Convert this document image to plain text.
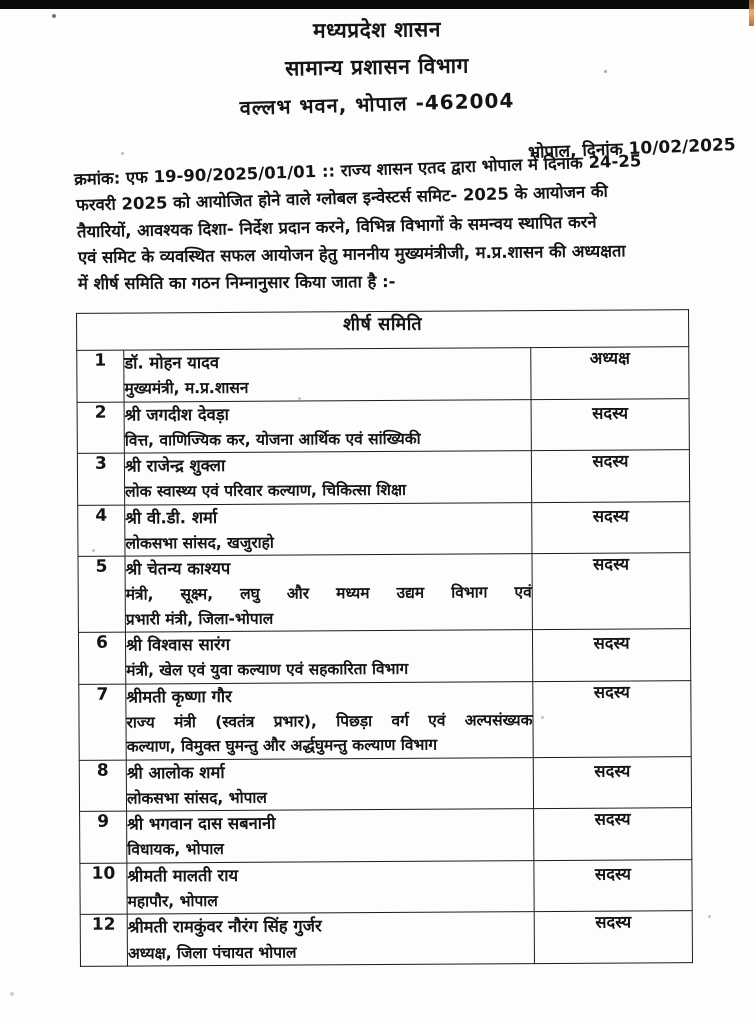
मध्यप्रदेश शासन
सामान्य प्रशासन विभाग
वल्लभ भवन, भोपाल -462004
भोपाल, दिनांक 10/02/2025
क्रमांक: एफ 19-90/2025/01/01 :: राज्य शासन एतद द्वारा भोपाल में दिनांक 24-25
फरवरी 2025 को आयोजित होने वाले ग्लोबल इन्वेस्टर्स समिट- 2025 के आयोजन की
तैयारियों, आवश्यक दिशा- निर्देश प्रदान करने, विभिन्न विभागों के समन्वय स्थापित करने
एवं समिट के व्यवस्थित सफल आयोजन हेतु माननीय मुख्यमंत्रीजी, म.प्र.शासन की अध्यक्षता
में शीर्ष समिति का गठन निम्नानुसार किया जाता है :-
शीर्ष समिति		
1	डॉ. मोहन यादव
मुख्यमंत्री, म.प्र.शासन	अध्यक्ष
2	श्री जगदीश देवड़ा
वित्त, वाणिज्यिक कर, योजना आर्थिक एवं सांख्यिकी	सदस्य
3	श्री राजेन्द्र शुक्ला
लोक स्वास्थ्य एवं परिवार कल्याण, चिकित्सा शिक्षा	सदस्य
4	श्री वी.डी. शर्मा
लोकसभा सांसद, खजुराहो	सदस्य
5	श्री चेतन्य काश्यप
मंत्री, सूक्ष्म, लघु और मध्यम उद्यम विभाग एवं
प्रभारी मंत्री, जिला-भोपाल	सदस्य
6	श्री विश्वास सारंग
मंत्री, खेल एवं युवा कल्याण एवं सहकारिता विभाग	सदस्य
7	श्रीमती कृष्णा गौर
राज्य मंत्री (स्वतंत्र प्रभार), पिछड़ा वर्ग एवं अल्पसंख्यक
कल्याण, विमुक्त घुमन्तु और अर्द्धघुमन्तु कल्याण विभाग	सदस्य
8	श्री आलोक शर्मा
लोकसभा सांसद, भोपाल	सदस्य
9	श्री भगवान दास सबनानी
विधायक, भोपाल	सदस्य
10	श्रीमती मालती राय
महापौर, भोपाल	सदस्य
12	श्रीमती रामकुंवर नौरंग सिंह गुर्जर
अध्यक्ष, जिला पंचायत भोपाल	सदस्य
